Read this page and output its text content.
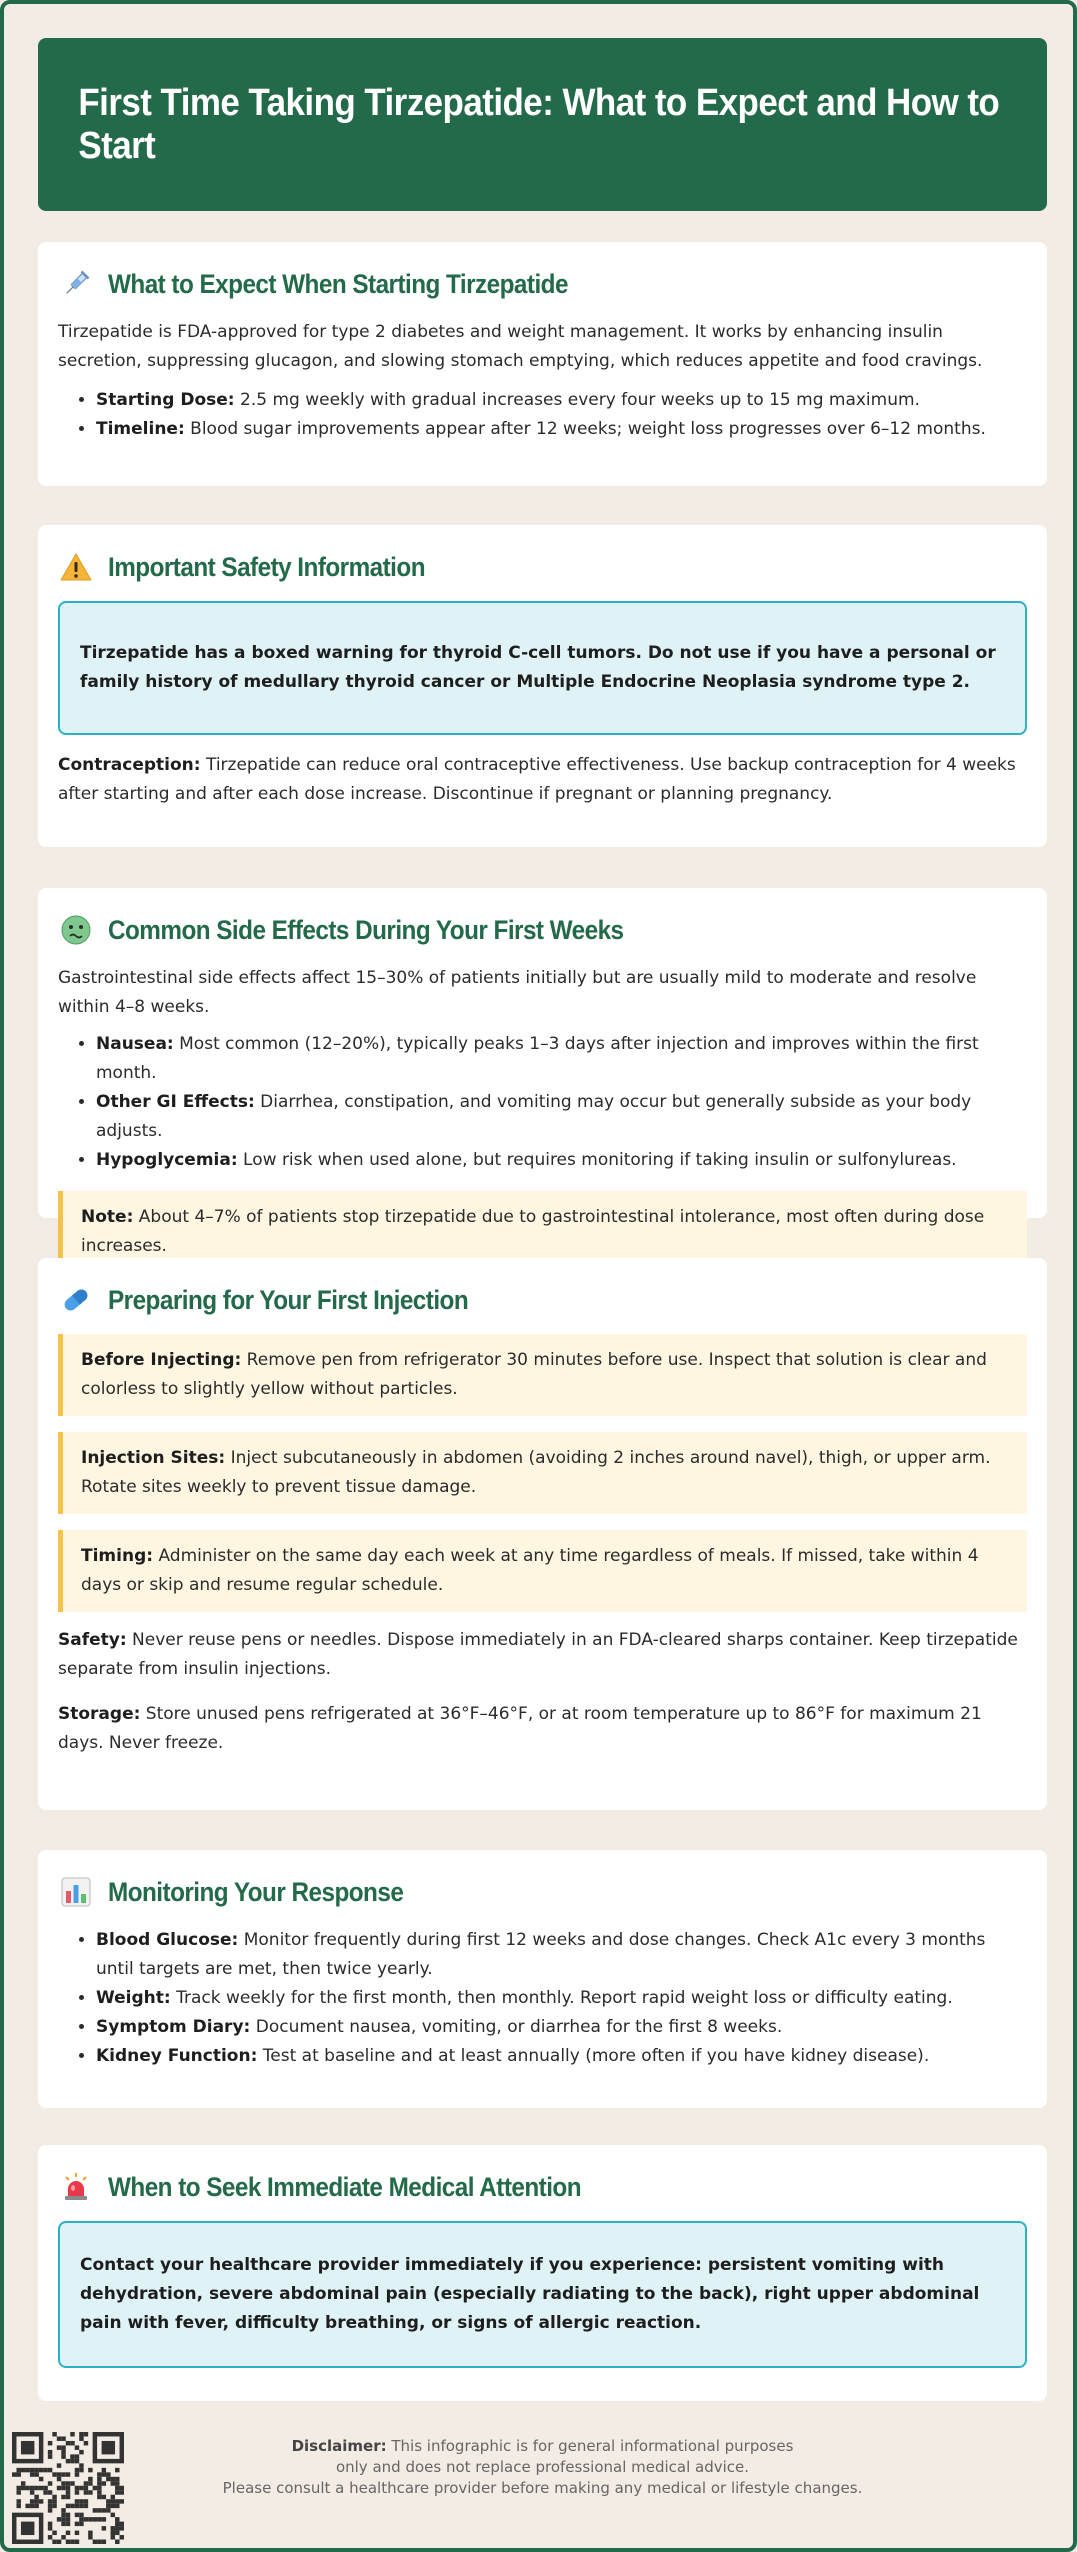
First Time Taking Tirzepatide: What to Expect and How to Start
What to Expect When Starting Tirzepatide

Tirzepatide is FDA-approved for type 2 diabetes and weight management. It works by enhancing insulin secretion, suppressing glucagon, and slowing stomach emptying, which reduces appetite and food cravings.

• Starting Dose: 2.5 mg weekly with gradual increases every four weeks up to 15 mg maximum.
• Timeline: Blood sugar improvements appear after 12 weeks; weight loss progresses over 6–12 months.
Important Safety Information
Tirzepatide has a boxed warning for thyroid C-cell tumors. Do not use if you have a personal or family history of medullary thyroid cancer or Multiple Endocrine Neoplasia syndrome type 2.

Contraception: Tirzepatide can reduce oral contraceptive effectiveness. Use backup contraception for 4 weeks after starting and after each dose increase. Discontinue if pregnant or planning pregnancy.

Common Side Effects During Your First Weeks

Gastrointestinal side effects affect 15–30% of patients initially but are usually mild to moderate and resolve within 4–8 weeks.

• Nausea: Most common (12–20%), typically peaks 1–3 days after injection and improves within the first month.
• Other GI Effects: Diarrhea, constipation, and vomiting may occur but generally subside as your body adjusts.
• Hypoglycemia: Low risk when used alone, but requires monitoring if taking insulin or sulfonylureas.
Note: About 4–7% of patients stop tirzepatide due to gastrointestinal intolerance, most often during dose increases.
Preparing for Your First Injection
Before Injecting: Remove pen from refrigerator 30 minutes before use. Inspect that solution is clear and colorless to slightly yellow without particles.
Injection Sites: Inject subcutaneously in abdomen (avoiding 2 inches around navel), thigh, or upper arm. Rotate sites weekly to prevent tissue damage.
Timing: Administer on the same day each week at any time regardless of meals. If missed, take within 4 days or skip and resume regular schedule.

Safety: Never reuse pens or needles. Dispose immediately in an FDA-cleared sharps container. Keep tirzepatide separate from insulin injections.

Storage: Store unused pens refrigerated at 36°F–46°F, or at room temperature up to 86°F for maximum 21 days. Never freeze.

Monitoring Your Response
• Blood Glucose: Monitor frequently during first 12 weeks and dose changes. Check A1c every 3 months until targets are met, then twice yearly.
• Weight: Track weekly for the first month, then monthly. Report rapid weight loss or difficulty eating.
• Symptom Diary: Document nausea, vomiting, or diarrhea for the first 8 weeks.
• Kidney Function: Test at baseline and at least annually (more often if you have kidney disease).
When to Seek Immediate Medical Attention
Contact your healthcare provider immediately if you experience: persistent vomiting with dehydration, severe abdominal pain (especially radiating to the back), right upper abdominal pain with fever, difficulty breathing, or signs of allergic reaction.
Disclaimer: This infographic is for general informational purposes
only and does not replace professional medical advice.
Please consult a healthcare provider before making any medical or lifestyle changes.
